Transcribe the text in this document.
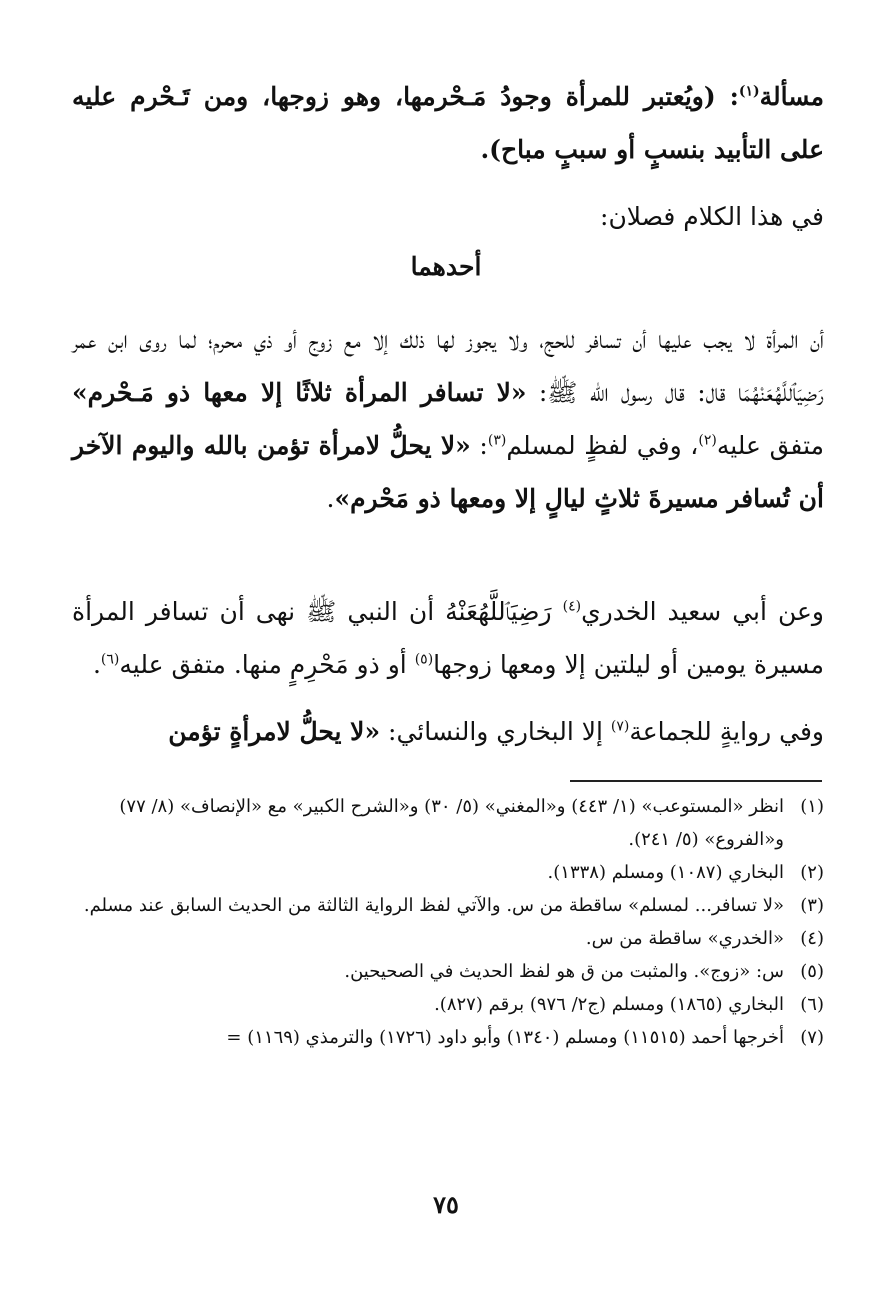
مسألة$^{(١)}$: (ويُعتبر للمرأة وجودُ مَـحْرمها، وهو زوجها، ومن تَـحْرم عليه على التأبيد بنسبٍ أو سببٍ مباح).
في هذا الكلام فصلان:
أحدهما
أن المرأة لا يجب عليها أن تسافر للحج، ولا يجوز لها ذلك إلا مع زوج أو ذي محرم؛ لما روى ابن عمر رَضِيَٱللَّهُعَنْهُمَا قال: قال رسول الله ﷺ: «لا تسافر المرأة ثلاثًا إلا معها ذو مَـحْرم» متفق عليه$^{(٢)}$، وفي لفظٍ لمسلم$^{(٣)}$: «لا يحلُّ لامرأة تؤمن بالله واليوم الآخر أن تُسافر مسيرةَ ثلاثٍ ليالٍ إلا ومعها ذو مَحْرم».
وعن أبي سعيد الخدري$^{(٤)}$ رَضِيَٱللَّهُعَنْهُ أن النبي ﷺ نهى أن تسافر المرأة مسيرة يومين أو ليلتين إلا ومعها زوجها$^{(٥)}$ أو ذو مَحْرِمٍ منها. متفق عليه$^{(٦)}$.
وفي روايةٍ للجماعة$^{(٧)}$ إلا البخاري والنسائي: «لا يحلُّ لامرأةٍ تؤمن
(١)
انظر «المستوعب» (١/ ٤٤٣) و«المغني» (٥/ ٣٠) و«الشرح الكبير» مع «الإنصاف» (٨/ ٧٧) و«الفروع» (٥/ ٢٤١).
(٢)
البخاري (١٠٨٧) ومسلم (١٣٣٨).
(٣)
«لا تسافر... لمسلم» ساقطة من س. والآتي لفظ الرواية الثالثة من الحديث السابق عند مسلم.
(٤)
«الخدري» ساقطة من س.
(٥)
س: «زوج». والمثبت من ق هو لفظ الحديث في الصحيحين.
(٦)
البخاري (١٨٦٥) ومسلم (ج٢/ ٩٧٦) برقم (٨٢٧).
(٧)
أخرجها أحمد (١١٥١٥) ومسلم (١٣٤٠) وأبو داود (١٧٢٦) والترمذي (١١٦٩) =
٧٥
